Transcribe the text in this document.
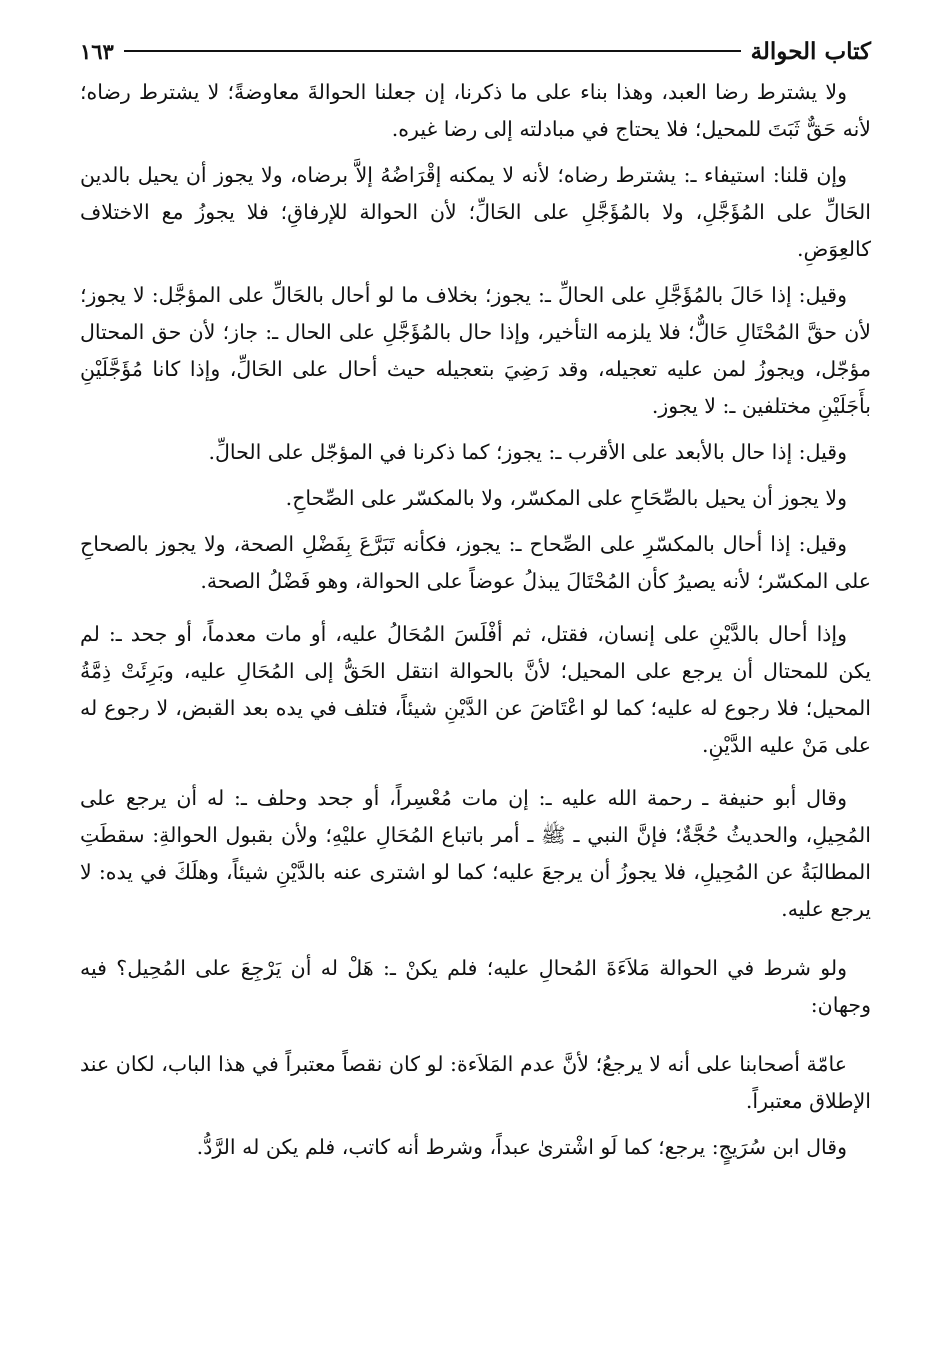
كتاب الحوالة
١٦٣

ولا يشترط رضا العبد، وهذا بناء على ما ذكرنا، إن جعلنا الحوالةَ معاوضةً؛ لا يشترط رضاه؛ لأنه حَقٌّ ثَبَتَ للمحيل؛ فلا يحتاج في مبادلته إلى رضا غيره.

وإن قلنا: استيفاء ـ: يشترط رضاه؛ لأنه لا يمكنه إقْرَاضُهُ إلاَّ برضاه، ولا يجوز أن يحيل بالدين الحَالِّ على المُؤَجَّلِ، ولا بالمُؤَجَّلِ على الحَالِّ؛ لأن الحوالة للإرفاقِ؛ فلا يجوزُ مع الاختلاف كالعِوَضِ.

وقيل: إذا حَالَ بالمُؤَجَّلِ على الحالِّ ـ: يجوز؛ بخلاف ما لو أحال بالحَالِّ على المؤجَّل: لا يجوز؛ لأن حقَّ المُحْتَالِ حَالٌّ؛ فلا يلزمه التأخير، وإذا حال بالمُؤَجَّلِ على الحال ـ: جاز؛ لأن حق المحتال مؤجّل، ويجوزُ لمن عليه تعجيله، وقد رَضِيَ بتعجيله حيث أحال على الحَالِّ، وإذا كانا مُؤَجَّلَيْنِ بأَجَلَيْنِ مختلفين ـ: لا يجوز.

وقيل: إذا حال بالأبعد على الأقرب ـ: يجوز؛ كما ذكرنا في المؤجّل على الحالِّ.

ولا يجوز أن يحيل بالصِّحَاحِ على المكسّر، ولا بالمكسّر على الصِّحاحِ.

وقيل: إذا أحال بالمكسّرِ على الصِّحاح ـ: يجوز، فكأنه تَبَرَّعَ بِفَضْلِ الصحة، ولا يجوز بالصحاحِ على المكسّر؛ لأنه يصيرُ كأن المُحْتَالَ يبذلُ عوضاً على الحوالة، وهو فَضْلُ الصحة.

وإذا أحال بالدَّيْنِ على إنسان، فقتل، ثم أفْلَسَ المُحَالُ عليه، أو مات معدماً، أو جحد ـ: لم يكن للمحتال أن يرجع على المحيل؛ لأنَّ بالحوالة انتقل الحَقُّ إلى المُحَالِ عليه، وبَرِئَتْ ذِمَّةُ المحيل؛ فلا رجوع له عليه؛ كما لو اعْتَاضَ عن الدَّيْنِ شيئاً، فتلف في يده بعد القبض، لا رجوع له على مَنْ عليه الدَّيْنِ.

وقال أبو حنيفة ـ رحمة الله عليه ـ: إن مات مُعْسِراً، أو جحد وحلف ـ: له أن يرجع على المُحِيلِ، والحديثُ حُجَّةٌ؛ فإنَّ النبي ـ ﷺ ـ أمر باتباع المُحَالِ عليْهِ؛ ولأن بقبول الحوالةِ: سقطَتِ المطالبَةُ عن المُحِيلِ، فلا يجوزُ أن يرجعَ عليه؛ كما لو اشترى عنه بالدَّيْنِ شيئاً، وهلَكَ في يده: لا يرجع عليه.

ولو شرط في الحوالة مَلاَءَةَ المُحالِ عليه؛ فلم يكنْ ـ: هَلْ له أن يَرْجِعَ على المُحِيل؟ فيه وجهان:

عامّة أصحابنا على أنه لا يرجعُ؛ لأنَّ عدم المَلاَءة: لو كان نقصاً معتبراً في هذا الباب، لكان عند الإطلاق معتبراً.

وقال ابن سُرَيجٍ: يرجع؛ كما لَو اشْترىٰ عبداً، وشرط أنه كاتب، فلم يكن له الرَّدُّ.
